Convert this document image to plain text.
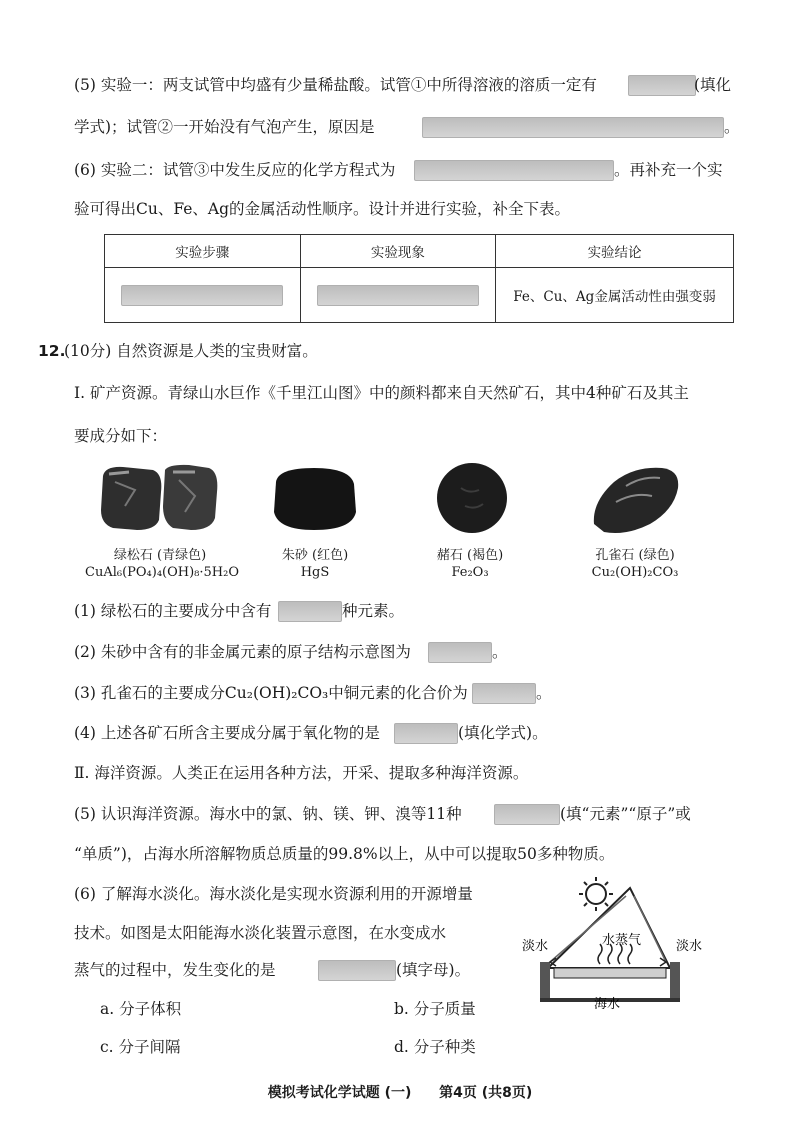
(5) 实验一：两支试管中均盛有少量稀盐酸。试管①中所得溶液的溶质一定有	(填化
学式)；试管②一开始没有气泡产生，原因是	。
(6) 实验二：试管③中发生反应的化学方程式为	。再补充一个实
验可得出Cu、Fe、Ag的金属活动性顺序。设计并进行实验，补全下表。
实验步骤	实验现象	实验结论
		Fe、Cu、Ag金属活动性由强变弱
12.
(10分) 自然资源是人类的宝贵财富。
Ⅰ. 矿产资源。青绿山水巨作《千里江山图》中的颜料都来自天然矿石，其中4种矿石及其主
要成分如下：
绿松石 (青绿色)
CuAl₆(PO₄)₄(OH)₈·5H₂O
朱砂 (红色)
HgS
赭石 (褐色)
Fe₂O₃
孔雀石 (绿色)
Cu₂(OH)₂CO₃
(1) 绿松石的主要成分中含有	种元素。
(2) 朱砂中含有的非金属元素的原子结构示意图为	。
(3) 孔雀石的主要成分Cu₂(OH)₂CO₃中铜元素的化合价为	。
(4) 上述各矿石所含主要成分属于氧化物的是	(填化学式)。
Ⅱ. 海洋资源。人类正在运用各种方法，开采、提取多种海洋资源。
(5) 认识海洋资源。海水中的氯、钠、镁、钾、溴等11种	(填“元素”“原子”或
“单质”)，占海水所溶解物质总质量的99.8%以上，从中可以提取50多种物质。
(6) 了解海水淡化。海水淡化是实现水资源利用的开源增量
技术。如图是太阳能海水淡化装置示意图，在水变成水
蒸气的过程中，发生变化的是	(填字母)。
a. 分子体积	b. 分子质量
c. 分子间隔	d. 分子种类
淡水	淡水
水蒸气
海水
模拟考试化学试题 (一) 第4页 (共8页)
